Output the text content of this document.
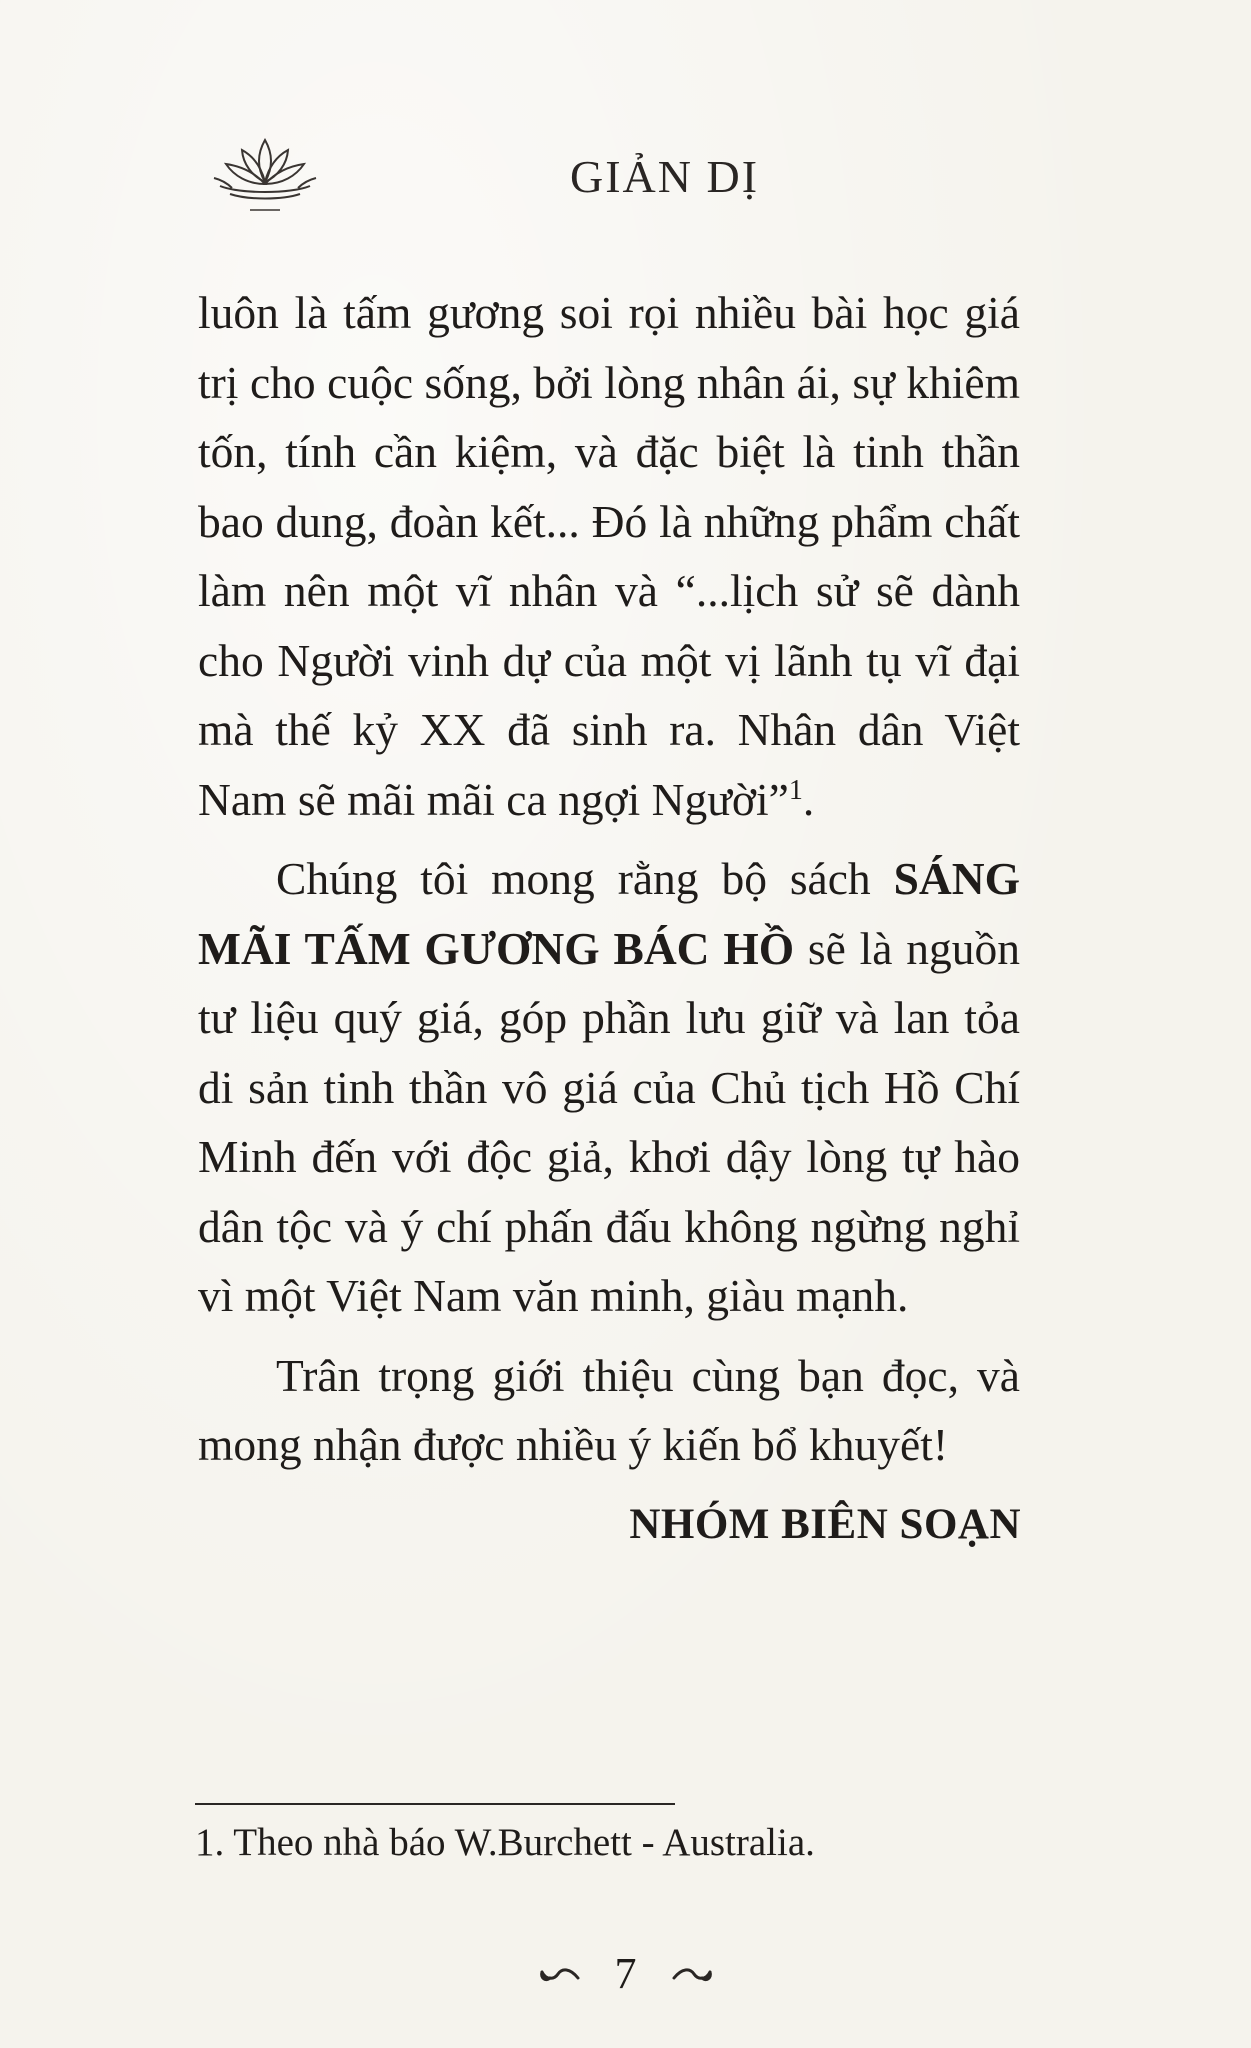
GIẢN DỊ

luôn là tấm gương soi rọi nhiều bài học giá trị cho cuộc sống, bởi lòng nhân ái, sự khiêm tốn, tính cần kiệm, và đặc biệt là tinh thần bao dung, đoàn kết... Đó là những phẩm chất làm nên một vĩ nhân và “...lịch sử sẽ dành cho Người vinh dự của một vị lãnh tụ vĩ đại mà thế kỷ XX đã sinh ra. Nhân dân Việt Nam sẽ mãi mãi ca ngợi Người”$^1$.

Chúng tôi mong rằng bộ sách SÁNG MÃI TẤM GƯƠNG BÁC HỒ sẽ là nguồn tư liệu quý giá, góp phần lưu giữ và lan tỏa di sản tinh thần vô giá của Chủ tịch Hồ Chí Minh đến với độc giả, khơi dậy lòng tự hào dân tộc và ý chí phấn đấu không ngừng nghỉ vì một Việt Nam văn minh, giàu mạnh.

Trân trọng giới thiệu cùng bạn đọc, và mong nhận được nhiều ý kiến bổ khuyết!

NHÓM BIÊN SOẠN
1. Theo nhà báo W.Burchett - Australia.
7
